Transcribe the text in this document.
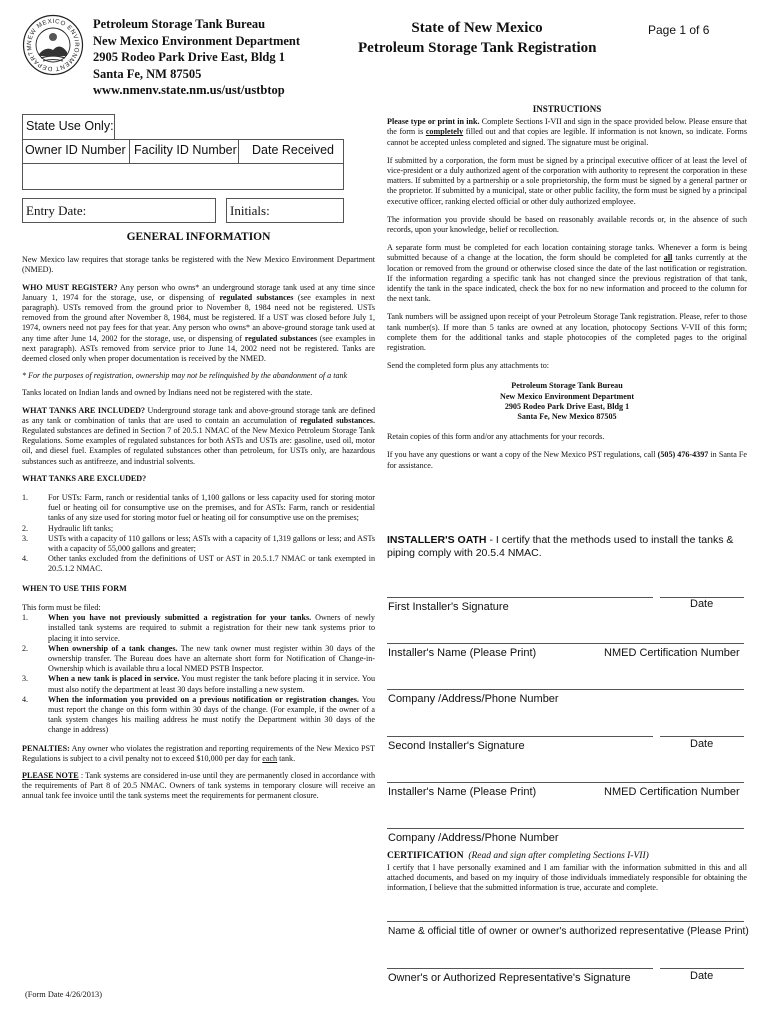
NEW MEXICO ENVIRONMENT DEPARTM
Petroleum Storage Tank Bureau
New Mexico Environment Department
2905 Rodeo Park Drive East, Bldg 1
Santa Fe, NM 87505
www.nmenv.state.nm.us/ust/ustbtop
State of New Mexico
Petroleum Storage Tank Registration
Page 1 of 6
State Use Only:
Owner ID Number Facility ID Number Date Received
Entry Date:	Initials:
GENERAL INFORMATION

New Mexico law requires that storage tanks be registered with the New Mexico Environment Department (NMED).

WHO MUST REGISTER? Any person who owns* an underground storage tank used at any time since January 1, 1974 for the storage, use, or dispensing of regulated substances (see examples in next paragraph). USTs removed from the ground prior to November 8, 1984 need not be registered. USTs removed from the ground after November 8, 1984, must be registered. If a UST was closed before July 1, 1974, owners need not pay fees for that year. Any person who owns* an above-ground storage tank used at any time after June 14, 2002 for the storage, use, or dispensing of regulated substances (see examples in next paragraph). ASTs removed from service prior to June 14, 2002 need not be registered. Tanks are deemed closed only when proper documentation is received by the NMED.

* For the purposes of registration, ownership may not be relinquished by the abandonment of a tank

Tanks located on Indian lands and owned by Indians need not be registered with the state.

WHAT TANKS ARE INCLUDED? Underground storage tank and above-ground storage tank are defined as any tank or combination of tanks that are used to contain an accumulation of regulated substances. Regulated substances are defined in Section 7 of 20.5.1 NMAC of the New Mexico Petroleum Storage Tank Regulations. Some examples of regulated substances for both ASTs and USTs are: gasoline, used oil, motor oil, and diesel fuel. Examples of regulated substances other than petroleum, for USTs only, are hazardous substances such as antifreeze, and industrial solvents.

WHAT TANKS ARE EXCLUDED?

1. For USTs: Farm, ranch or residential tanks of 1,100 gallons or less capacity used for storing motor fuel or heating oil for consumptive use on the premises, and for ASTs: Farm, ranch or residential tanks of any size used for storing motor fuel or heating oil for consumptive use on the premises;
2. Hydraulic lift tanks;
3. USTs with a capacity of 110 gallons or less; ASTs with a capacity of 1,319 gallons or less; and ASTs with a capacity of 55,000 gallons and greater;
4. Other tanks excluded from the definitions of UST or AST in 20.5.1.7 NMAC or tank exempted in 20.5.1.2 NMAC.

WHEN TO USE THIS FORM

This form must be filed:

1. When you have not previously submitted a registration for your tanks. Owners of newly installed tank systems are required to submit a registration for their new tank systems prior to placing it into service.
2. When ownership of a tank changes. The new tank owner must register within 30 days of the ownership transfer. The Bureau does have an alternate short form for Notification of Change-in-Ownership which is available thru a local NMED PSTB Inspector.
3. When a new tank is placed in service. You must register the tank before placing it in service. You must also notify the department at least 30 days before installing a new system.
4. When the information you provided on a previous notification or registration changes. You must report the change on this form within 30 days of the change. (For example, if the owner of a tank system changes his mailing address he must notify the Department within 30 days of the change in address)

PENALTIES: Any owner who violates the registration and reporting requirements of the New Mexico PST Regulations is subject to a civil penalty not to exceed $10,000 per day for each tank.

PLEASE NOTE : Tank systems are considered in-use until they are permanently closed in accordance with the requirements of Part 8 of 20.5 NMAC. Owners of tank systems in temporary closure will receive an annual tank fee invoice until the tank systems meet the requirements for permanent closure.

(Form Date 4/26/2013)
INSTRUCTIONS

Please type or print in ink. Complete Sections I-VII and sign in the space provided below. Please ensure that the form is completely filled out and that copies are legible. If information is not known, so indicate. Forms cannot be accepted unless completed and signed. The signature must be original.

If submitted by a corporation, the form must be signed by a principal executive officer of at least the level of vice-president or a duly authorized agent of the corporation with authority to represent the corporation in these matters. If submitted by a partnership or a sole proprietorship, the form must be signed by a general partner or the proprietor. If submitted by a municipal, state or other public facility, the form must be signed by a principal executive officer, ranking elected official or other duly authorized employee.

The information you provide should be based on reasonably available records or, in the absence of such records, upon your knowledge, belief or recollection.

A separate form must be completed for each location containing storage tanks. Whenever a form is being submitted because of a change at the location, the form should be completed for all tanks currently at the location or removed from the ground or otherwise closed since the date of the last notification or registration. If the information regarding a specific tank has not changed since the previous registration of that tank, identify the tank in the space indicated, check the box for no new information and proceed to the column for the next tank.

Tank numbers will be assigned upon receipt of your Petroleum Storage Tank registration. Please, refer to those tank number(s). If more than 5 tanks are owned at any location, photocopy Sections V-VII of this form; complete them for the additional tanks and staple photocopies of the completed pages to the original registration.

Send the completed form plus any attachments to:

Petroleum Storage Tank Bureau
New Mexico Environment Department
2905 Rodeo Park Drive East, Bldg 1
Santa Fe, New Mexico 87505

Retain copies of this form and/or any attachments for your records.

If you have any questions or want a copy of the New Mexico PST regulations, call (505) 476-4397 in Santa Fe for assistance.

INSTALLER'S OATH - I certify that the methods used to install the tanks & piping comply with 20.5.4 NMAC.
First Installer's Signature	Date
Installer's Name (Please Print)	NMED Certification Number
Company /Address/Phone Number
Second Installer's Signature	Date
Installer's Name (Please Print)	NMED Certification Number
Company /Address/Phone Number
CERTIFICATION (Read and sign after completing Sections I-VII)
I certify that I have personally examined and I am familiar with the information submitted in this and all attached documents, and based on my inquiry of those individuals immediately responsible for obtaining the information, I believe that the submitted information is true, accurate and complete.
Name & official title of owner or owner's authorized representative (Please Print)
Owner's or Authorized Representative's Signature	Date
